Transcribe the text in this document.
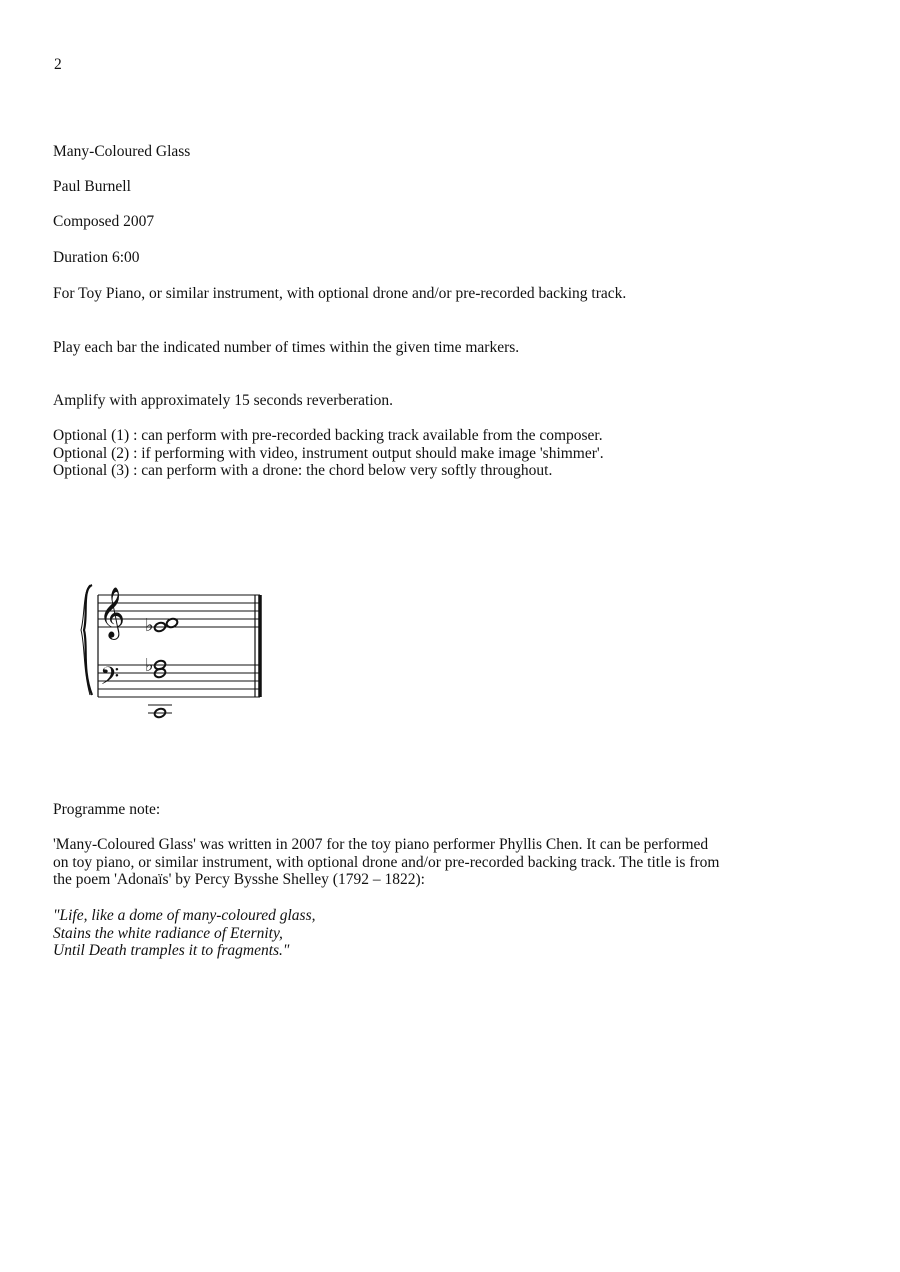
2
Many-Coloured Glass
Paul Burnell
Composed 2007
Duration 6:00
For Toy Piano, or similar instrument, with optional drone and/or pre-recorded backing track.
Play each bar the indicated number of times within the given time markers.
Amplify with approximately 15 seconds reverberation.
Optional (1) : can perform with pre-recorded backing track available from the composer.
Optional (2) : if performing with video, instrument output should make image 'shimmer'.
Optional (3) : can perform with a drone: the chord below very softly throughout.
𝄞
𝄢
♭
♭
Programme note:
'Many-Coloured Glass' was written in 2007 for the toy piano performer Phyllis Chen. It can be performed
on toy piano, or similar instrument, with optional drone and/or pre-recorded backing track. The title is from
the poem 'Adonaïs' by Percy Bysshe Shelley (1792 – 1822):
"Life, like a dome of many-coloured glass,
Stains the white radiance of Eternity,
Until Death tramples it to fragments."
